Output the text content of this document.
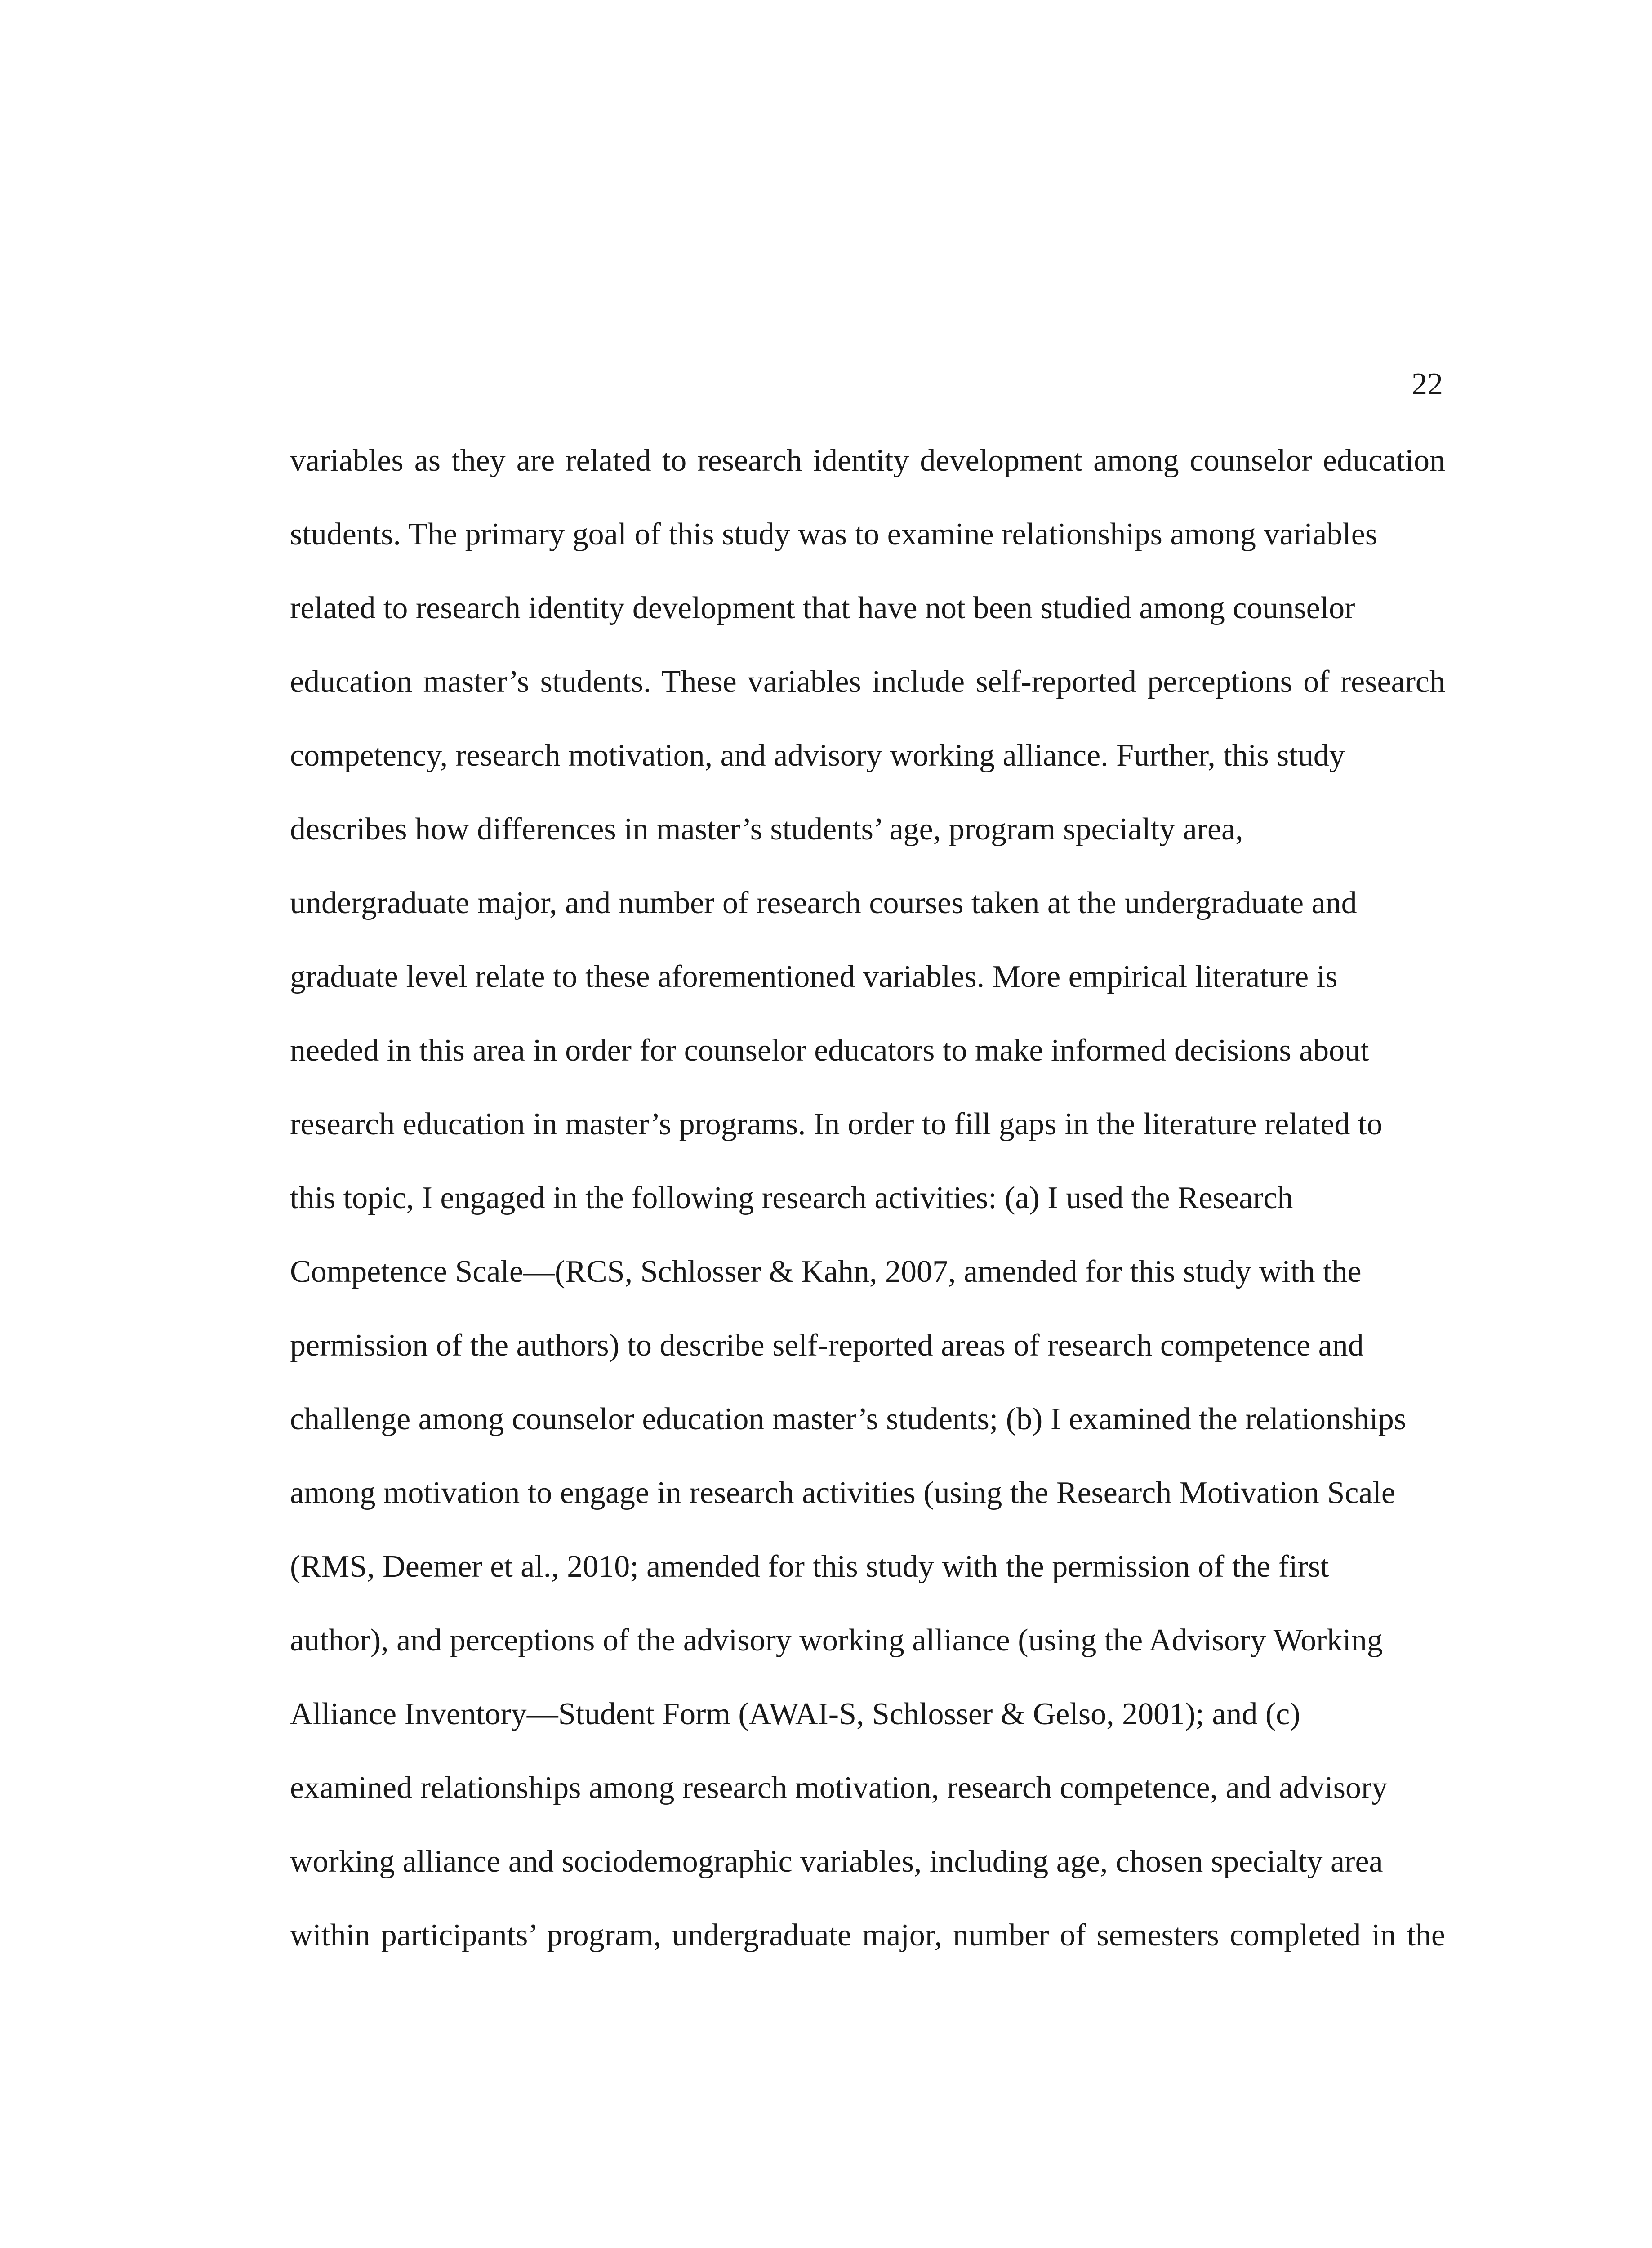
22
variables as they are related to research identity development among counselor education
students. The primary goal of this study was to examine relationships among variables
related to research identity development that have not been studied among counselor
education master’s students. These variables include self-reported perceptions of research
competency, research motivation, and advisory working alliance. Further, this study
describes how differences in master’s students’ age, program specialty area,
undergraduate major, and number of research courses taken at the undergraduate and
graduate level relate to these aforementioned variables. More empirical literature is
needed in this area in order for counselor educators to make informed decisions about
research education in master’s programs. In order to fill gaps in the literature related to
this topic, I engaged in the following research activities: (a) I used the Research
Competence Scale—(RCS, Schlosser & Kahn, 2007, amended for this study with the
permission of the authors) to describe self-reported areas of research competence and
challenge among counselor education master’s students; (b) I examined the relationships
among motivation to engage in research activities (using the Research Motivation Scale
(RMS, Deemer et al., 2010; amended for this study with the permission of the first
author), and perceptions of the advisory working alliance (using the Advisory Working
Alliance Inventory—Student Form (AWAI-S, Schlosser & Gelso, 2001); and (c)
examined relationships among research motivation, research competence, and advisory
working alliance and sociodemographic variables, including age, chosen specialty area
within participants’ program, undergraduate major, number of semesters completed in the
